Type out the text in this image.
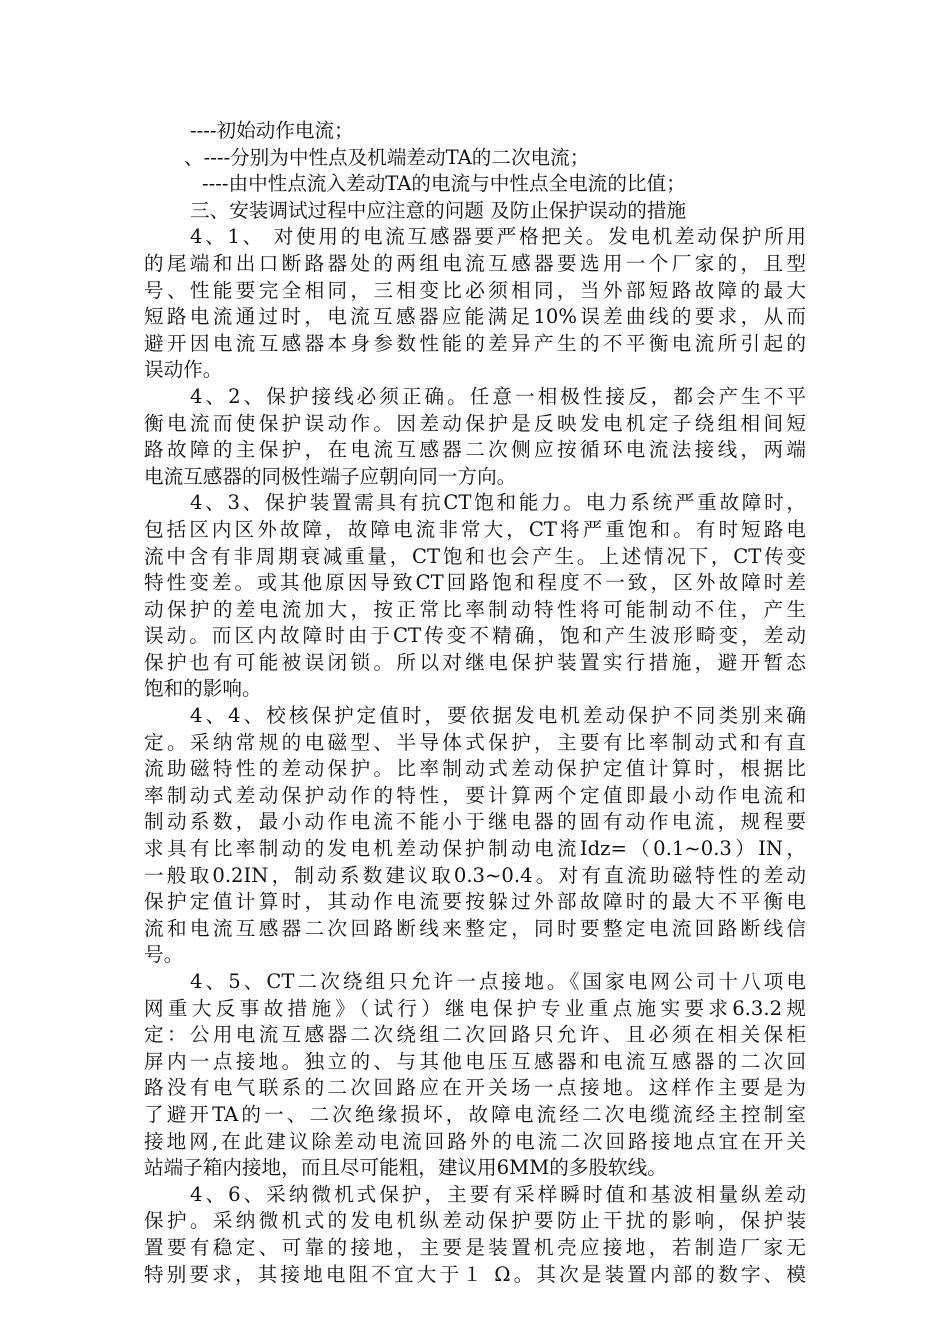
----初始动作电流；
、----分别为中性点及机端差动TA的二次电流；
----由中性点流入差动TA的电流与中性点全电流的比值；
三、安装调试过程中应注意的问题 及防止保护误动的措施
4、1、 对使用的电流互感器要严格把关。发电机差动保护所用
的尾端和出口断路器处的两组电流互感器要选用一个厂家的，且型
号、性能要完全相同，三相变比必须相同，当外部短路故障的最大
短路电流通过时，电流互感器应能满足10%误差曲线的要求，从而
避开因电流互感器本身参数性能的差异产生的不平衡电流所引起的
误动作。
4、2、保护接线必须正确。任意一相极性接反，都会产生不平
衡电流而使保护误动作。因差动保护是反映发电机定子绕组相间短
路故障的主保护，在电流互感器二次侧应按循环电流法接线，两端
电流互感器的同极性端子应朝向同一方向。
4、3、保护装置需具有抗CT饱和能力。电力系统严重故障时，
包括区内区外故障，故障电流非常大，CT将严重饱和。有时短路电
流中含有非周期衰减重量，CT饱和也会产生。上述情况下，CT传变
特性变差。或其他原因导致CT回路饱和程度不一致，区外故障时差
动保护的差电流加大，按正常比率制动特性将可能制动不住，产生
误动。而区内故障时由于CT传变不精确，饱和产生波形畸变，差动
保护也有可能被误闭锁。所以对继电保护装置实行措施，避开暂态
饱和的影响。
4、4、校核保护定值时，要依据发电机差动保护不同类别来确
定。采纳常规的电磁型、半导体式保护，主要有比率制动式和有直
流助磁特性的差动保护。比率制动式差动保护定值计算时，根据比
率制动式差动保护动作的特性，要计算两个定值即最小动作电流和
制动系数，最小动作电流不能小于继电器的固有动作电流，规程要
求具有比率制动的发电机差动保护制动电流Idz=（0.1~0.3）IN，
一般取0.2IN，制动系数建议取0.3~0.4。对有直流助磁特性的差动
保护定值计算时，其动作电流要按躲过外部故障时的最大不平衡电
流和电流互感器二次回路断线来整定，同时要整定电流回路断线信
号。
4、5、CT二次绕组只允许一点接地。《国家电网公司十八项电
网重大反事故措施》（试行）继电保护专业重点施实要求6.3.2规
定：公用电流互感器二次绕组二次回路只允许、且必须在相关保柜
屏内一点接地。独立的、与其他电压互感器和电流互感器的二次回
路没有电气联系的二次回路应在开关场一点接地。这样作主要是为
了避开TA的一、二次绝缘损坏，故障电流经二次电缆流经主控制室
接地网,在此建议除差动电流回路外的电流二次回路接地点宜在开关
站端子箱内接地，而且尽可能粗，建议用6MM的多股软线。
4、6、采纳微机式保护，主要有采样瞬时值和基波相量纵差动
保护。采纳微机式的发电机纵差动保护要防止干扰的影响，保护装
置要有稳定、可靠的接地，主要是装置机壳应接地，若制造厂家无
特别要求，其接地电阻不宜大于１ Ω。其次是装置内部的数字、模
